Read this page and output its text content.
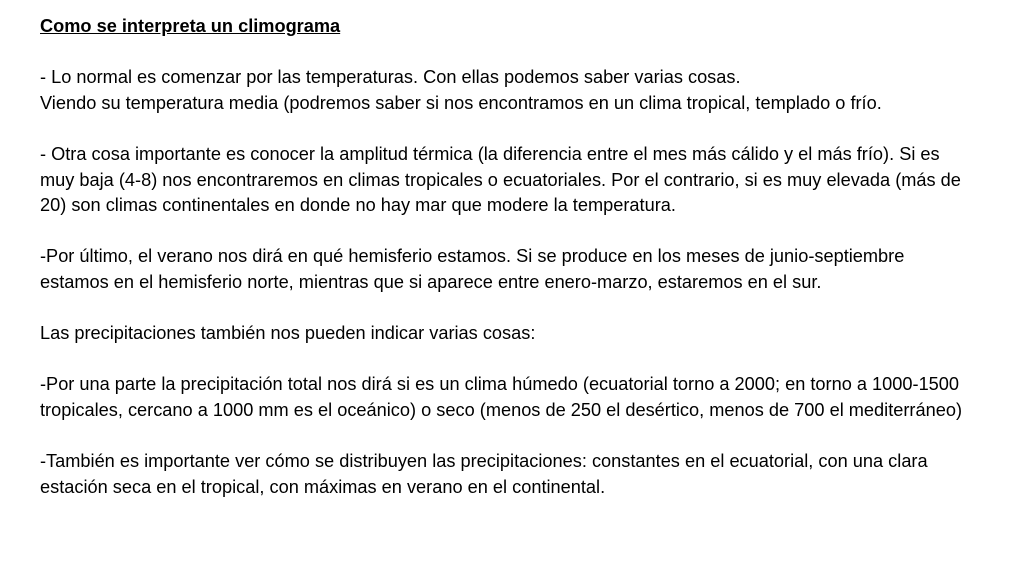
Como se interpreta un climograma

- Lo normal es comenzar por las temperaturas. Con ellas podemos saber varias cosas.

Viendo su temperatura media (podremos saber si nos encontramos en un clima tropical, templado o frío.

- Otra cosa importante es conocer la amplitud térmica (la diferencia entre el mes más cálido y el más frío). Si es muy baja (4-8) nos encontraremos en climas tropicales o ecuatoriales. Por el contrario, si es muy elevada (más de 20) son climas continentales en donde no hay mar que modere la temperatura.

-Por último, el verano nos dirá en qué hemisferio estamos. Si se produce en los meses de junio-septiembre estamos en el hemisferio norte, mientras que si aparece entre enero-marzo, estaremos en el sur.

Las precipitaciones también nos pueden indicar varias cosas:

-Por una parte la precipitación total nos dirá si es un clima húmedo (ecuatorial torno a 2000; en torno a 1000-1500 tropicales, cercano a 1000 mm es el oceánico) o seco (menos de 250 el desértico, menos de 700 el mediterráneo)

-También es importante ver cómo se distribuyen las precipitaciones: constantes en el ecuatorial, con una clara estación seca en el tropical, con máximas en verano en el continental.
